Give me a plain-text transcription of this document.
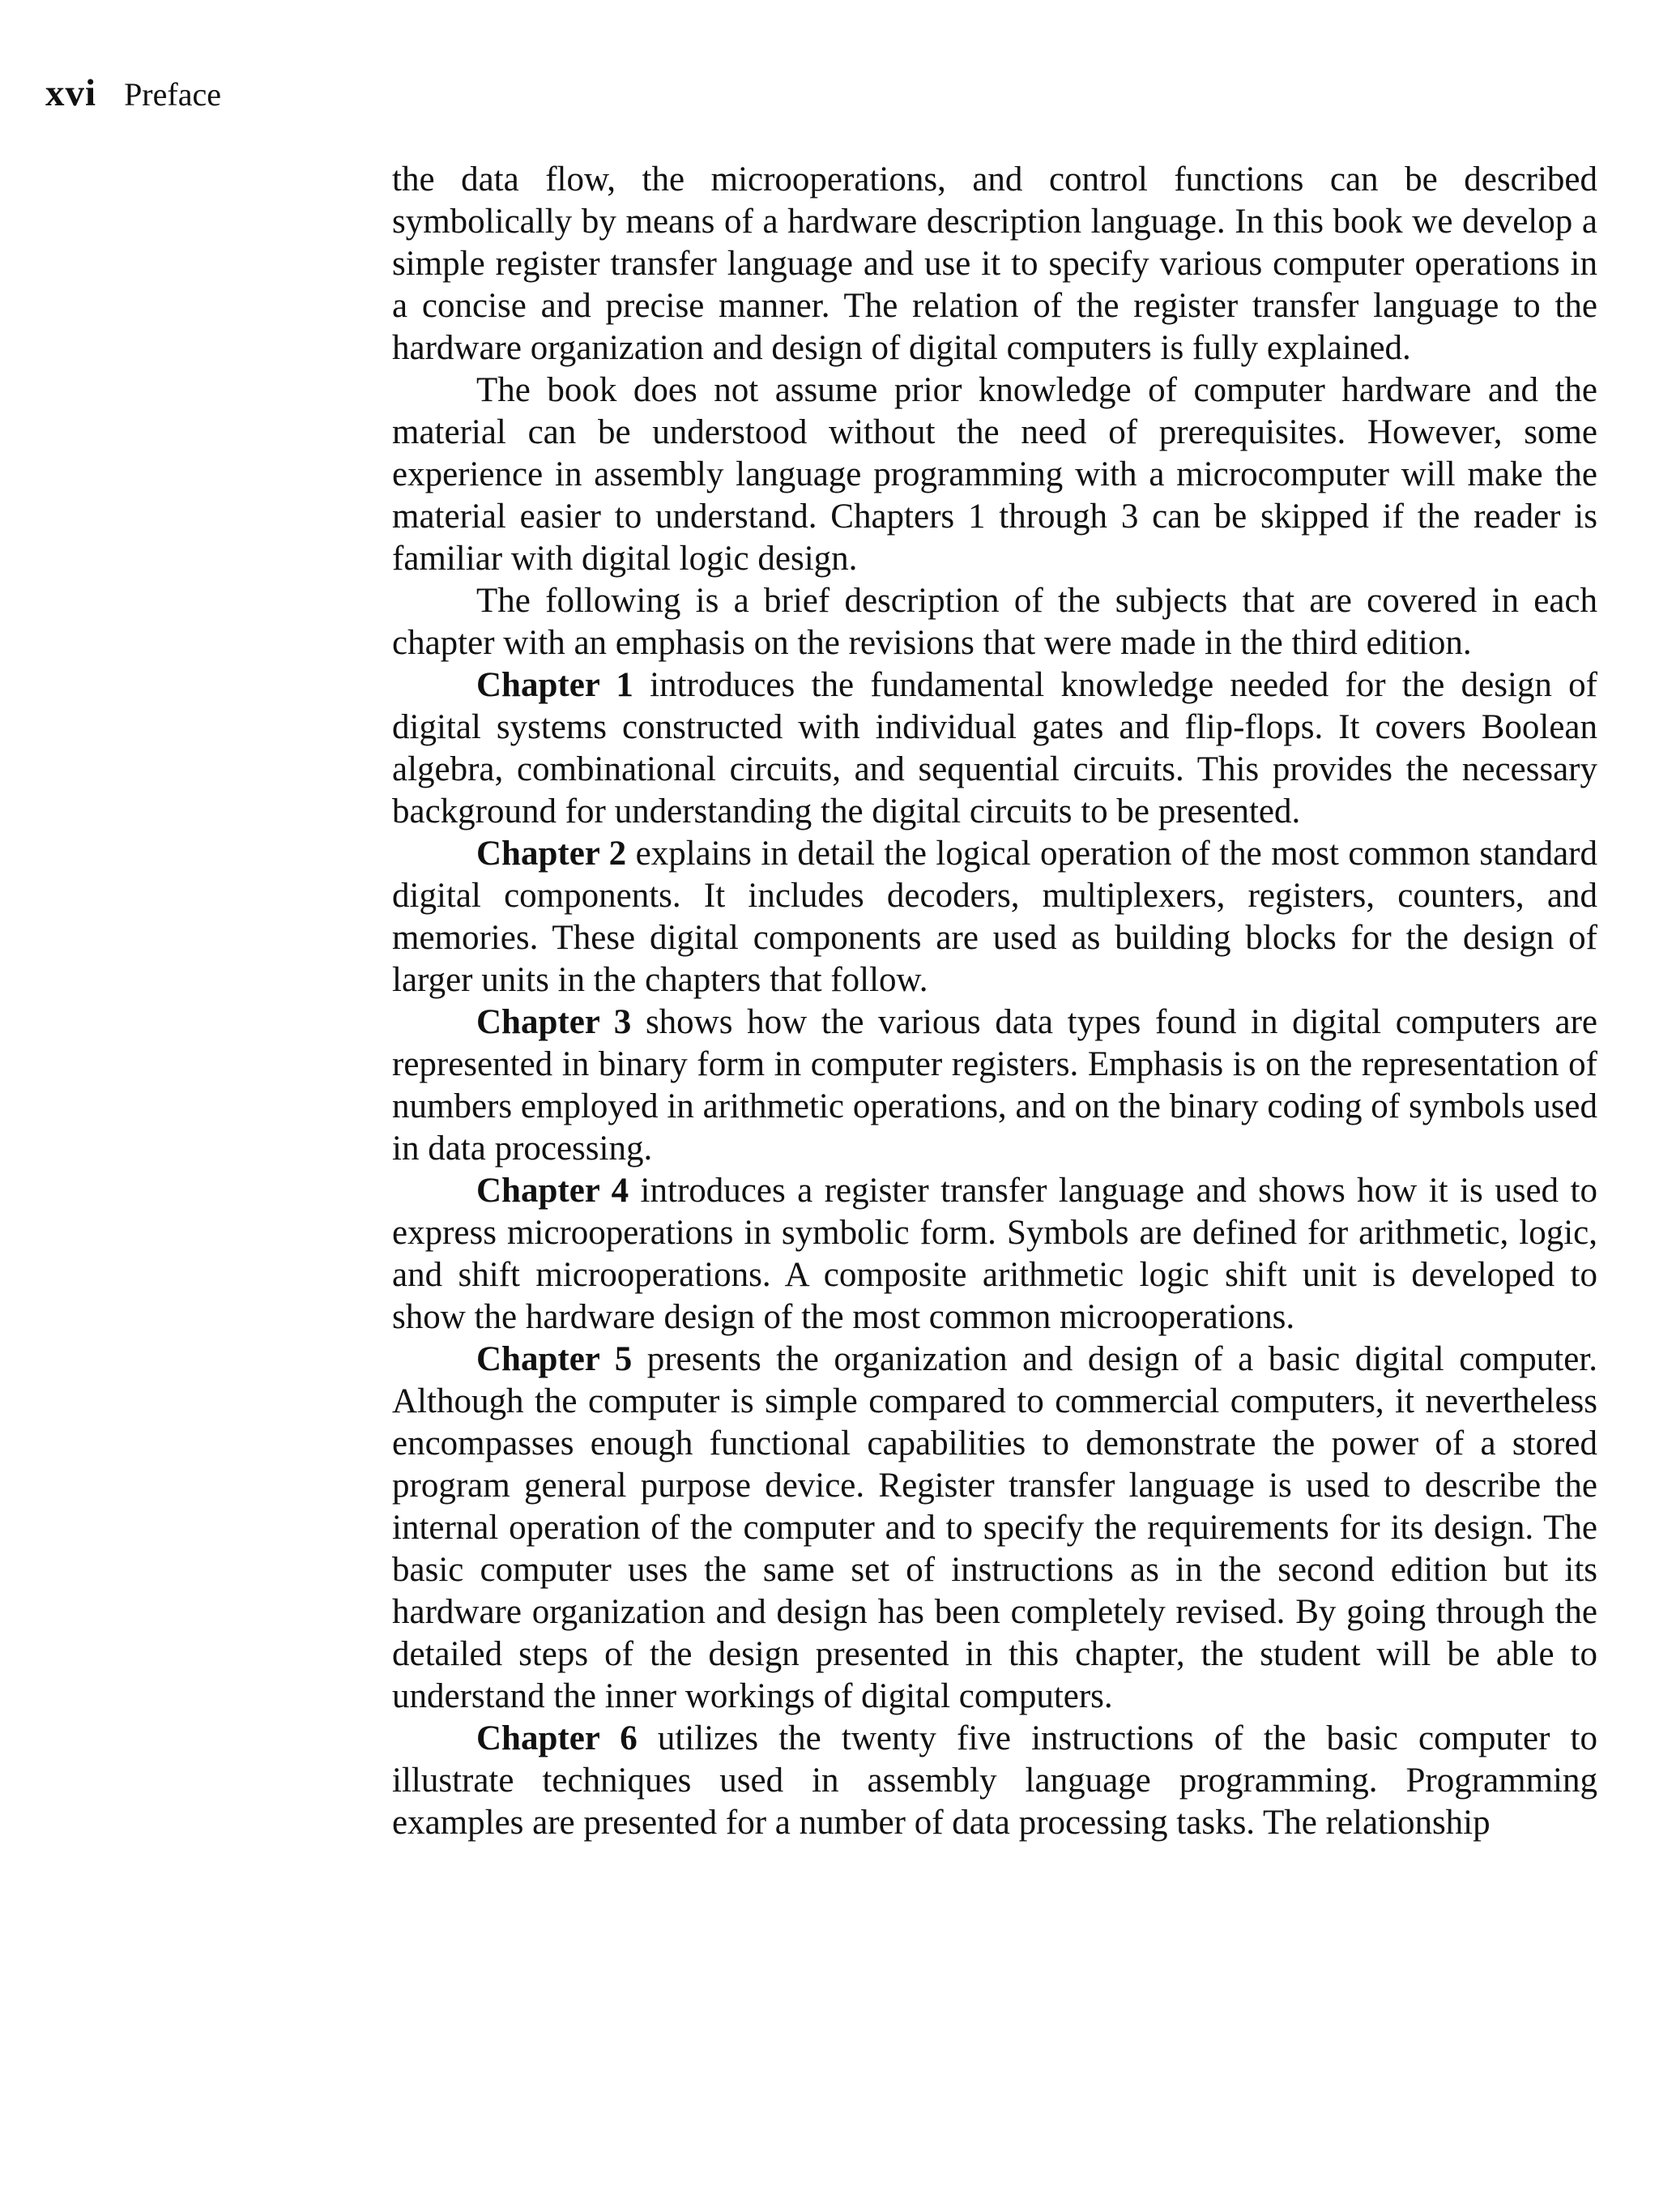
xvi Preface

the data flow, the microoperations, and control functions can be described symbolically by means of a hardware description language. In this book we develop a simple register transfer language and use it to specify various computer operations in a concise and precise manner. The relation of the register transfer language to the hardware organization and design of digital computers is fully explained.

The book does not assume prior knowledge of computer hardware and the material can be understood without the need of prerequisites. However, some experience in assembly language programming with a microcomputer will make the material easier to understand. Chapters 1 through 3 can be skipped if the reader is familiar with digital logic design.

The following is a brief description of the subjects that are covered in each chapter with an emphasis on the revisions that were made in the third edition.

Chapter 1 introduces the fundamental knowledge needed for the design of digital systems constructed with individual gates and flip-flops. It covers Boolean algebra, combinational circuits, and sequential circuits. This provides the necessary background for understanding the digital circuits to be presented.

Chapter 2 explains in detail the logical operation of the most common standard digital components. It includes decoders, multiplexers, registers, counters, and memories. These digital components are used as building blocks for the design of larger units in the chapters that follow.

Chapter 3 shows how the various data types found in digital computers are represented in binary form in computer registers. Emphasis is on the representation of numbers employed in arithmetic operations, and on the binary coding of symbols used in data processing.

Chapter 4 introduces a register transfer language and shows how it is used to express microoperations in symbolic form. Symbols are defined for arithmetic, logic, and shift microoperations. A composite arithmetic logic shift unit is developed to show the hardware design of the most common microoperations.

Chapter 5 presents the organization and design of a basic digital computer. Although the computer is simple compared to commercial computers, it nevertheless encompasses enough functional capabilities to demonstrate the power of a stored program general purpose device. Register transfer language is used to describe the internal operation of the computer and to specify the requirements for its design. The basic computer uses the same set of instructions as in the second edition but its hardware organization and design has been completely revised. By going through the detailed steps of the design presented in this chapter, the student will be able to understand the inner workings of digital computers.

Chapter 6 utilizes the twenty five instructions of the basic computer to illustrate techniques used in assembly language programming. Programming examples are presented for a number of data processing tasks. The relationship
